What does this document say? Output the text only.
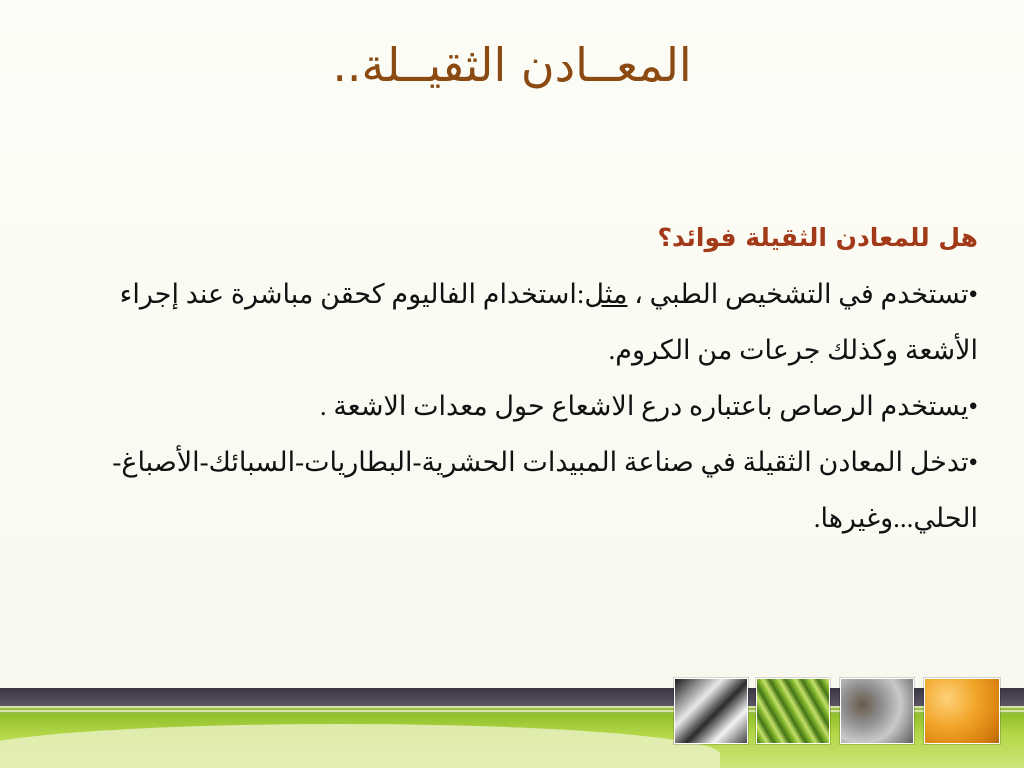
المعــادن الثقيــلة..

هل للمعادن الثقيلة فوائد؟

•تستخدم في التشخيص الطبي ، مثل:استخدام الفاليوم كحقن مباشرة عند إجراء الأشعة وكذلك جرعات من الكروم.

•يستخدم الرصاص باعتباره درع الاشعاع حول معدات الاشعة .

•تدخل المعادن الثقيلة في صناعة المبيدات الحشرية-البطاريات-السبائك-الأصباغ-الحلي...وغيرها.
